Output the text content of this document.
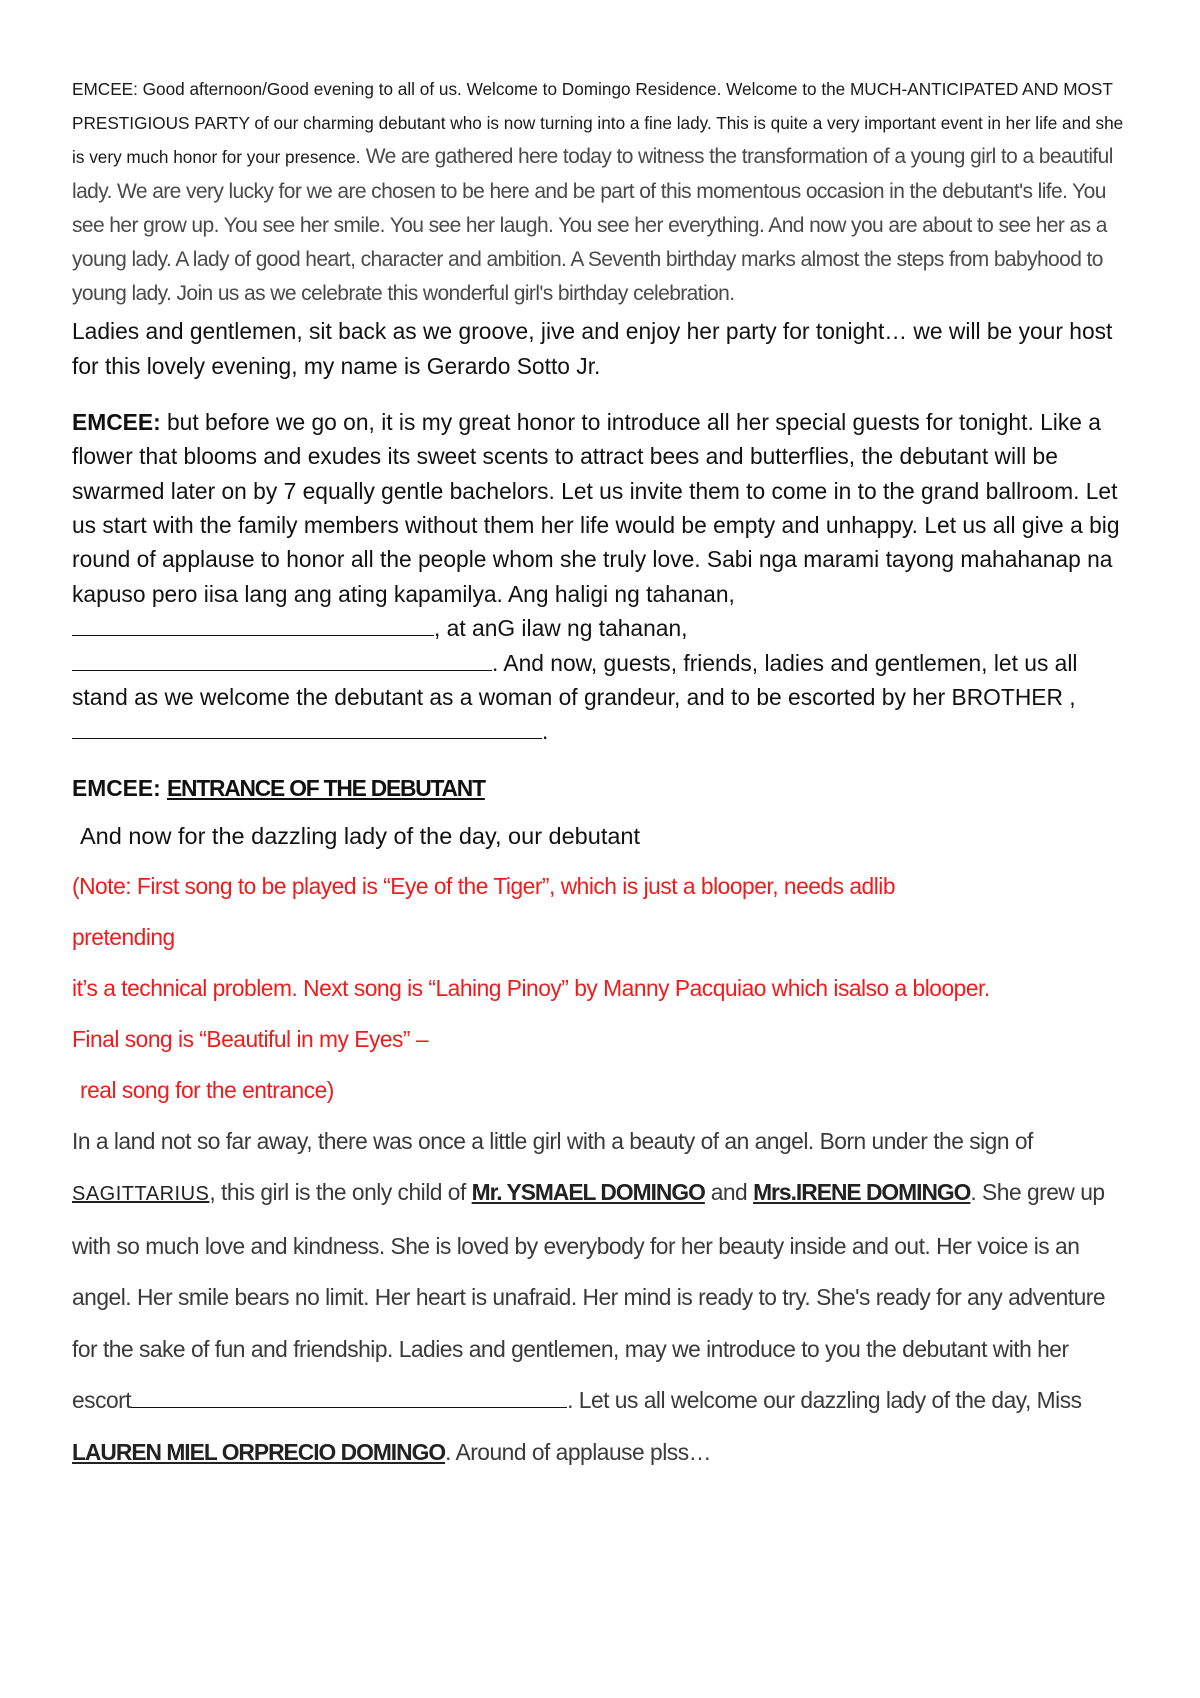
EMCEE: Good afternoon/Good evening to all of us. Welcome to Domingo Residence. Welcome to the MUCH-ANTICIPATED AND MOST PRESTIGIOUS PARTY of our charming debutant who is now turning into a fine lady. This is quite a very important event in her life and she is very much honor for your presence. We are gathered here today to witness the transformation of a young girl to a beautiful lady. We are very lucky for we are chosen to be here and be part of this momentous occasion in the debutant's life. You see her grow up. You see her smile. You see her laugh. You see her everything. And now you are about to see her as a young lady. A lady of good heart, character and ambition. A Seventh birthday marks almost the steps from babyhood to young lady. Join us as we celebrate this wonderful girl's birthday celebration.

Ladies and gentlemen, sit back as we groove, jive and enjoy her party for tonight… we will be your host for this lovely evening, my name is Gerardo Sotto Jr.

EMCEE: but before we go on, it is my great honor to introduce all her special guests for tonight. Like a flower that blooms and exudes its sweet scents to attract bees and butterflies, the debutant will be swarmed later on by 7 equally gentle bachelors. Let us invite them to come in to the grand ballroom. Let us start with the family members without them her life would be empty and unhappy. Let us all give a big round of applause to honor all the people whom she truly love. Sabi nga marami tayong mahahanap na kapuso pero iisa lang ang ating kapamilya. Ang haligi ng tahanan,
, at anG ilaw ng tahanan,
. And now, guests, friends, ladies and gentlemen, let us all stand as we welcome the debutant as a woman of grandeur, and to be escorted by her BROTHER , .

EMCEE: ENTRANCE OF THE DEBUTANT

And now for the dazzling lady of the day, our debutant

(Note: First song to be played is “Eye of the Tiger”, which is just a blooper, needs adlib
pretending
it’s a technical problem. Next song is “Lahing Pinoy” by Manny Pacquiao which isalso a blooper.
Final song is “Beautiful in my Eyes” –
real song for the entrance)

In a land not so far away, there was once a little girl with a beauty of an angel. Born under the sign of SAGITTARIUS, this girl is the only child of Mr. YSMAEL DOMINGO and Mrs.IRENE DOMINGO. She grew up with so much love and kindness. She is loved by everybody for her beauty inside and out. Her voice is an angel. Her smile bears no limit. Her heart is unafraid. Her mind is ready to try. She's ready for any adventure for the sake of fun and friendship. Ladies and gentlemen, may we introduce to you the debutant with her escort	. Let us all welcome our dazzling lady of the day, Miss LAUREN MIEL ORPRECIO DOMINGO. Around of applause plss…
